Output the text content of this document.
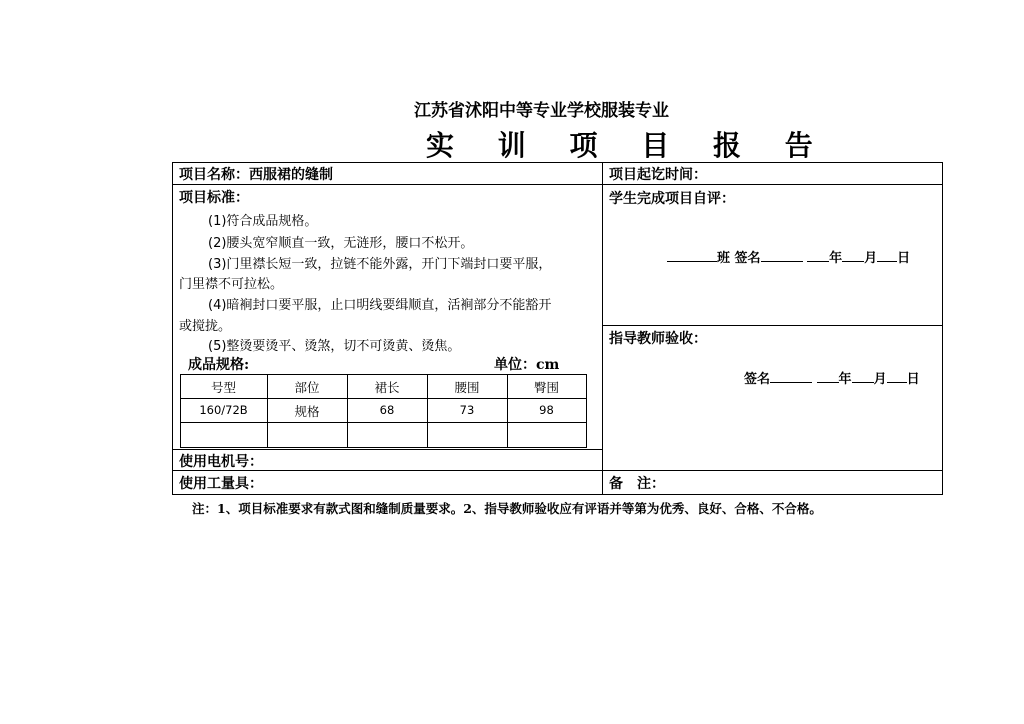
江苏省沭阳中等专业学校服装专业
实 训 项 目 报 告
项目名称：西服裙的缝制	项目起讫时间：
项目标准：
(1)符合成品规格。
(2)腰头宽窄顺直一致，无涟形，腰口不松开。
(3)门里襟长短一致，拉链不能外露，开门下端封口要平服，
门里襟不可拉松。
(4)暗裥封口要平服，止口明线要缉顺直，活裥部分不能豁开
或搅拢。
(5)整烫要烫平、烫煞，切不可烫黄、烫焦。
成品规格:	单位：cm
号型	部位	裙长	腰围	臀围
160/72B	规格	68	73	98
学生完成项目自评：
班 签名	年 月 日
指导教师验收：
签名	年 月 日
使用电机号：
使用工量具：	备　注：
注：1、项目标准要求有款式图和缝制质量要求。2、指导教师验收应有评语并等第为优秀、良好、合格、不合格。
